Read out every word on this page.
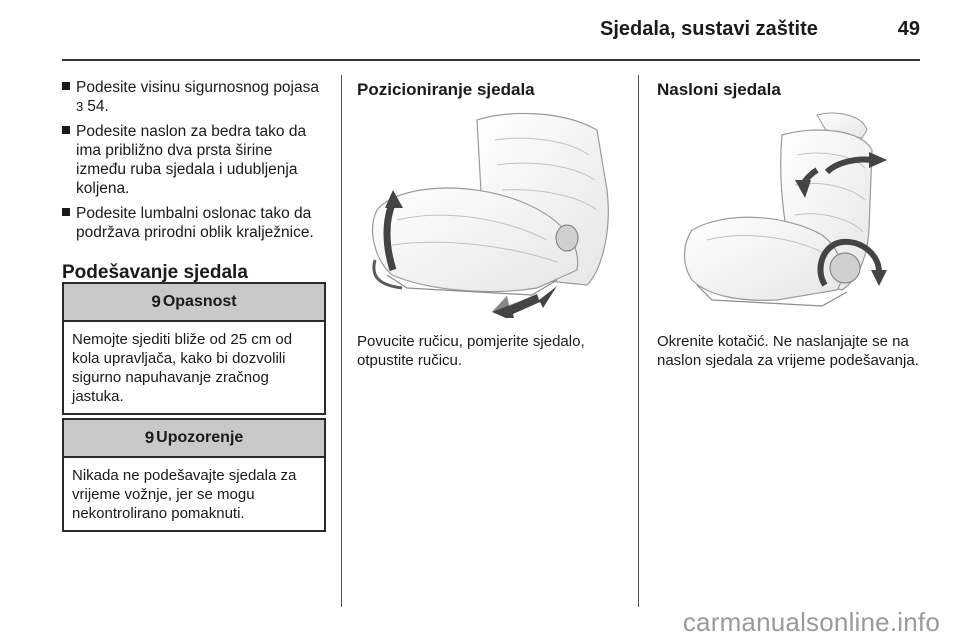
Sjedala, sustavi zaštite	49
Podesite visinu sigurnosnog pojasa
3 54.
Podesite naslon za bedra tako da ima približno dva prsta širine između ruba sjedala i udubljenja koljena.
Podesite lumbalni oslonac tako da podržava prirodni oblik kralježnice.
Podešavanje sjedala
9 Opasnost
Nemojte sjediti bliže od 25 cm od kola upravljača, kako bi dozvolili sigurno napuhavanje zračnog jastuka.
9 Upozorenje
Nikada ne podešavajte sjedala za vrijeme vožnje, jer se mogu nekontrolirano pomaknuti.
Pozicioniranje sjedala
Povucite ručicu, pomjerite sjedalo, otpustite ručicu.
Nasloni sjedala
Okrenite kotačić. Ne naslanjajte se na naslon sjedala za vrijeme podešavanja.
carmanualsonline.info
